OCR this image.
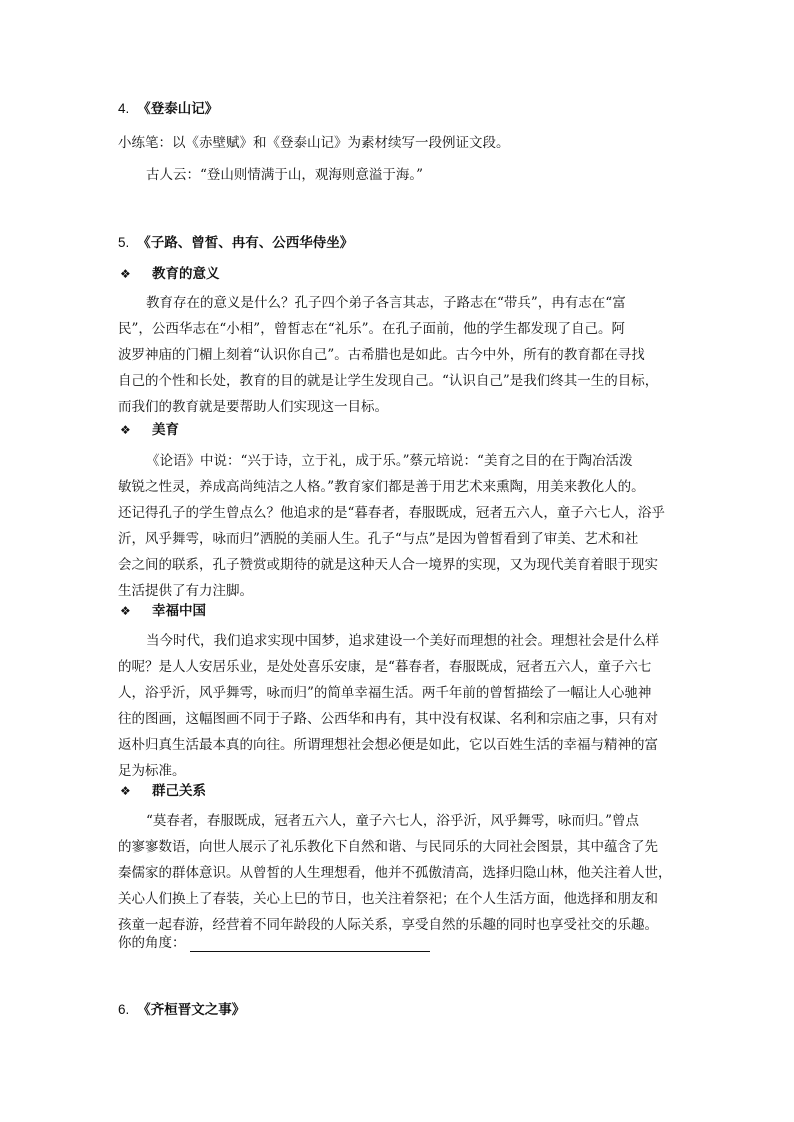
4. 《登泰山记》
小练笔：以《赤壁赋》和《登泰山记》为素材续写一段例证文段。
古人云：“登山则情满于山，观海则意溢于海。”
5. 《子路、曾皙、冉有、公西华侍坐》
❖	教育的意义
教育存在的意义是什么？孔子四个弟子各言其志，子路志在“带兵”，冉有志在“富
民”，公西华志在“小相”，曾皙志在“礼乐”。在孔子面前，他的学生都发现了自己。阿
波罗神庙的门楣上刻着“认识你自己”。古希腊也是如此。古今中外，所有的教育都在寻找
自己的个性和长处，教育的目的就是让学生发现自己。“认识自己”是我们终其一生的目标，
而我们的教育就是要帮助人们实现这一目标。
❖	美育
《论语》中说：“兴于诗，立于礼，成于乐。”蔡元培说：“美育之目的在于陶冶活泼
敏锐之性灵，养成高尚纯洁之人格。”教育家们都是善于用艺术来熏陶，用美来教化人的。
还记得孔子的学生曾点么？他追求的是“暮春者，春服既成，冠者五六人，童子六七人，浴乎
沂，风乎舞雩，咏而归”洒脱的美丽人生。孔子“与点”是因为曾皙看到了审美、艺术和社
会之间的联系，孔子赞赏或期待的就是这种天人合一境界的实现，又为现代美育着眼于现实
生活提供了有力注脚。
❖	幸福中国
当今时代，我们追求实现中国梦，追求建设一个美好而理想的社会。理想社会是什么样
的呢？是人人安居乐业，是处处喜乐安康，是“暮春者，春服既成，冠者五六人，童子六七
人，浴乎沂，风乎舞雩，咏而归”的简单幸福生活。两千年前的曾皙描绘了一幅让人心驰神
往的图画，这幅图画不同于子路、公西华和冉有，其中没有权谋、名利和宗庙之事，只有对
返朴归真生活最本真的向往。所谓理想社会想必便是如此，它以百姓生活的幸福与精神的富
足为标准。
❖	群己关系
“莫春者，春服既成，冠者五六人，童子六七人，浴乎沂，风乎舞雩，咏而归。”曾点
的寥寥数语，向世人展示了礼乐教化下自然和谐、与民同乐的大同社会图景，其中蕴含了先
秦儒家的群体意识。从曾皙的人生理想看，他并不孤傲清高，选择归隐山林，他关注着人世，
关心人们换上了春装，关心上巳的节日，也关注着祭祀；在个人生活方面，他选择和朋友和
孩童一起春游，经营着不同年龄段的人际关系，享受自然的乐趣的同时也享受社交的乐趣。
你的角度：
6. 《齐桓晋文之事》
